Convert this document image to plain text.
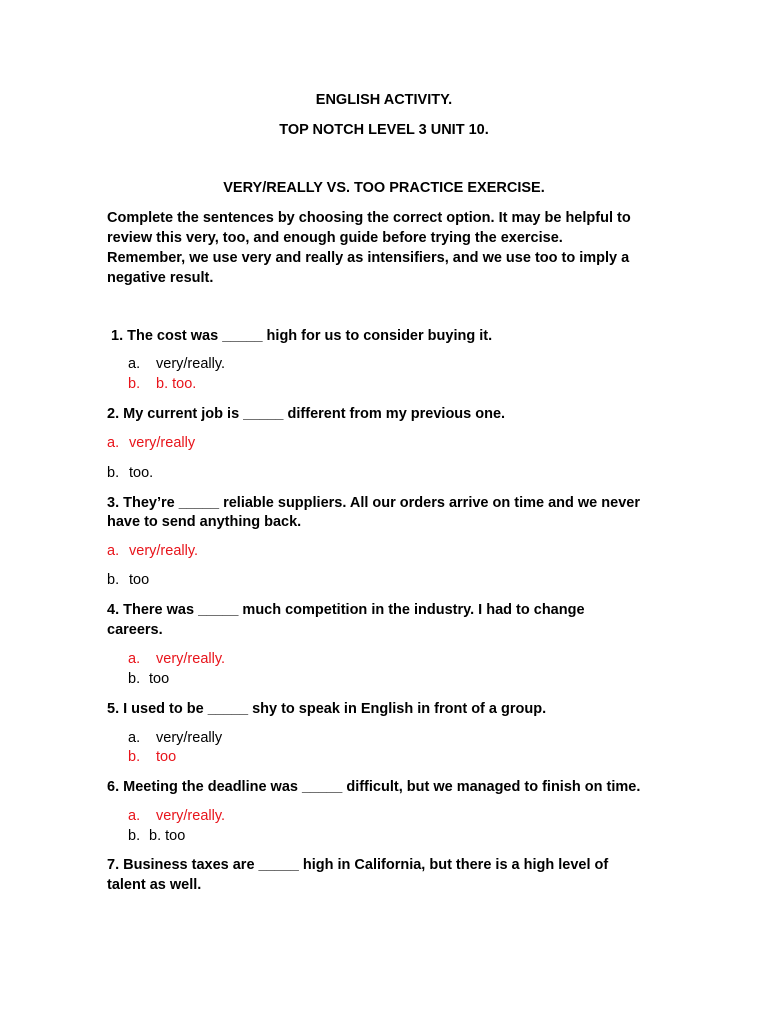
ENGLISH ACTIVITY.
TOP NOTCH LEVEL 3 UNIT 10.
VERY/REALLY VS. TOO PRACTICE EXERCISE.
Complete the sentences by choosing the correct option. It may be helpful to
review this very, too, and enough guide before trying the exercise.
Remember, we use very and really as intensifiers, and we use too to imply a
negative result.
1. The cost was _____ high for us to consider buying it.
a. very/really.
b. b. too.
2. My current job is _____ different from my previous one.
a. very/really
b. too.
3. They’re _____ reliable suppliers. All our orders arrive on time and we never
have to send anything back.
a. very/really.
b. too
4. There was _____ much competition in the industry. I had to change
careers.
a. very/really.
b. too
5. I used to be _____ shy to speak in English in front of a group.
a. very/really
b. too
6. Meeting the deadline was _____ difficult, but we managed to finish on time.
a. very/really.
b. b. too
7. Business taxes are _____ high in California, but there is a high level of
talent as well.
